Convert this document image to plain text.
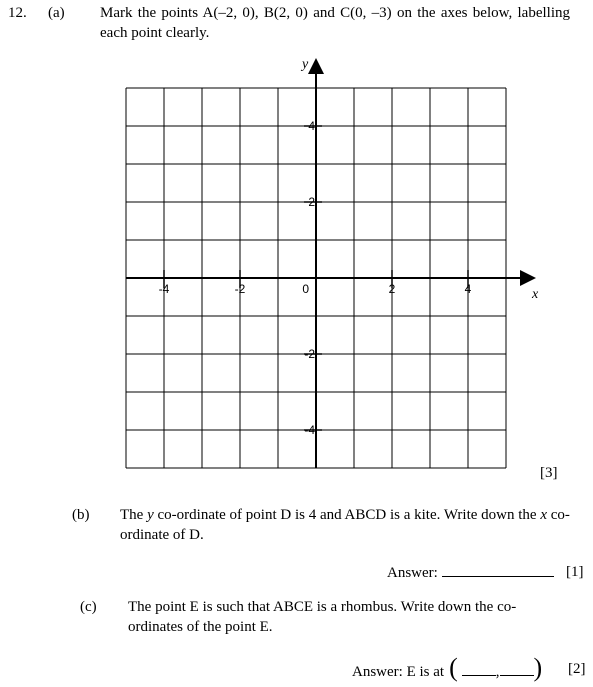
12. (a) Mark the points A(–2, 0), B(2, 0) and C(0, –3) on the axes below, labelling each point clearly.
-4	-2	0	2	4
-4
-2
2
4
x
y
[3]
(b) The y co-ordinate of point D is 4 and ABCD is a kite. Write down the x co-ordinate of D.
Answer:	[1]
(c) The point E is such that ABCE is a rhombus. Write down the co-ordinates of the point E.
Answer: E is at (	, ) [2]
